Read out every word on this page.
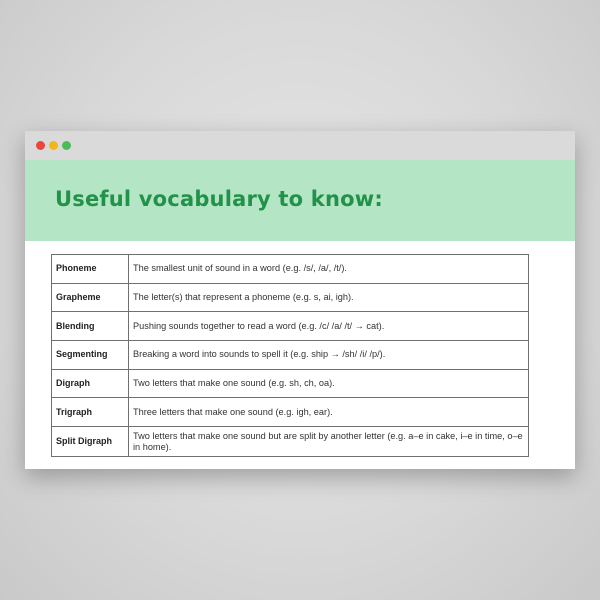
Useful vocabulary to know:
Phoneme	The smallest unit of sound in a word (e.g. /s/, /a/, /t/).
Grapheme	The letter(s) that represent a phoneme (e.g. s, ai, igh).
Blending	Pushing sounds together to read a word (e.g. /c/ /a/ /t/ → cat).
Segmenting	Breaking a word into sounds to spell it (e.g. ship → /sh/ /i/ /p/).
Digraph	Two letters that make one sound (e.g. sh, ch, oa).
Trigraph	Three letters that make one sound (e.g. igh, ear).
Split Digraph	Two letters that make one sound but are split by another letter (e.g. a–e in cake, i–e in time, o–e in home).
